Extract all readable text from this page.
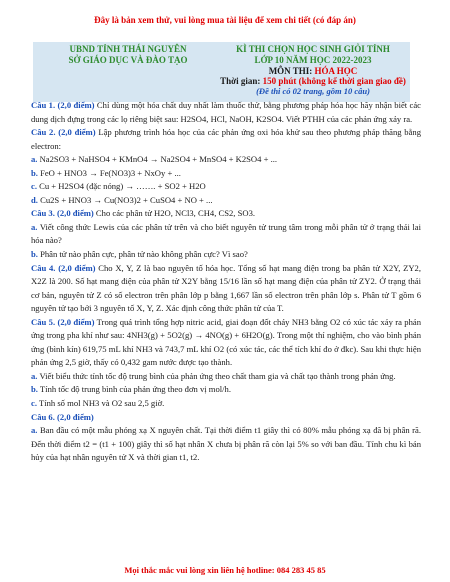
Đây là bản xem thử, vui lòng mua tài liệu để xem chi tiết (có đáp án)
UBND TỈNH THÁI NGUYÊN
SỞ GIÁO DỤC VÀ ĐÀO TẠO
KÌ THI CHỌN HỌC SINH GIỎI TỈNH
LỚP 10 NĂM HỌC 2022-2023
MÔN THI: HÓA HỌC
Thời gian: 150 phút (không kể thời gian giao đề)
(Đề thi có 02 trang, gồm 10 câu)

Câu 1. (2,0 điểm) Chỉ dùng một hóa chất duy nhất làm thuốc thử, bằng phương pháp hóa học hãy nhận biết các dung dịch đựng trong các lọ riêng biệt sau: H2SO4, HCl, NaOH, K2SO4. Viết PTHH của các phản ứng xảy ra.

Câu 2. (2,0 điểm) Lập phương trình hóa học của các phản ứng oxi hóa khử sau theo phương pháp thăng bằng electron:

a. Na2SO3 + NaHSO4 + KMnO4 → Na2SO4 + MnSO4 + K2SO4 + ...

b. FeO + HNO3 → Fe(NO3)3 + NxOy + ...

c. Cu + H2SO4 (đặc nóng) → ……. + SO2 + H2O

d. Cu2S + HNO3 → Cu(NO3)2 + CuSO4 + NO + ...

Câu 3. (2,0 điểm) Cho các phân tử H2O, NCl3, CH4, CS2, SO3.

a. Viết công thức Lewis của các phân tử trên và cho biết nguyên tử trung tâm trong mỗi phân tử ở trạng thái lai hóa nào?

b. Phân tử nào phân cực, phân tử nào không phân cực? Vì sao?

Câu 4. (2,0 điểm) Cho X, Y, Z là bao nguyên tố hóa học. Tổng số hạt mang điện trong ba phân tử X2Y, ZY2, X2Z là 200. Số hạt mang điện của phân tử X2Y bằng 15/16 lần số hạt mang điện của phân tử ZY2. Ở trạng thái cơ bản, nguyên tử Z có số electron trên phân lớp p bằng 1,667 lần số electron trên phân lớp s. Phân tử T gồm 6 nguyên tử tạo bởi 3 nguyên tố X, Y, Z. Xác định công thức phân tử của T.

Câu 5. (2,0 điểm) Trong quá trình tổng hợp nitric acid, giai đoạn đốt cháy NH3 bằng O2 có xúc tác xảy ra phản ứng trong pha khí như sau: 4NH3(g) + 5O2(g) → 4NO(g) + 6H2O(g). Trong một thí nghiệm, cho vào bình phản ứng (bình kín) 619,75 mL khí NH3 và 743,7 mL khí O2 (có xúc tác, các thể tích khí đo ở đkc). Sau khi thực hiện phản ứng 2,5 giờ, thấy có 0,432 gam nước được tạo thành.

a. Viết biểu thức tính tốc độ trung bình của phản ứng theo chất tham gia và chất tạo thành trong phản ứng.

b. Tính tốc độ trung bình của phản ứng theo đơn vị mol/h.

c. Tính số mol NH3 và O2 sau 2,5 giờ.

Câu 6. (2,0 điểm)

a. Ban đầu có một mẫu phóng xạ X nguyên chất. Tại thời điểm t1 giây thì có 80% mẫu phóng xạ đã bị phân rã. Đến thời điểm t2 = (t1 + 100) giây thì số hạt nhân X chưa bị phân rã còn lại 5% so với ban đầu. Tính chu kì bán hủy của hạt nhân nguyên tử X và thời gian t1, t2.

Mọi thắc mắc vui lòng xin liên hệ hotline: 084 283 45 85
